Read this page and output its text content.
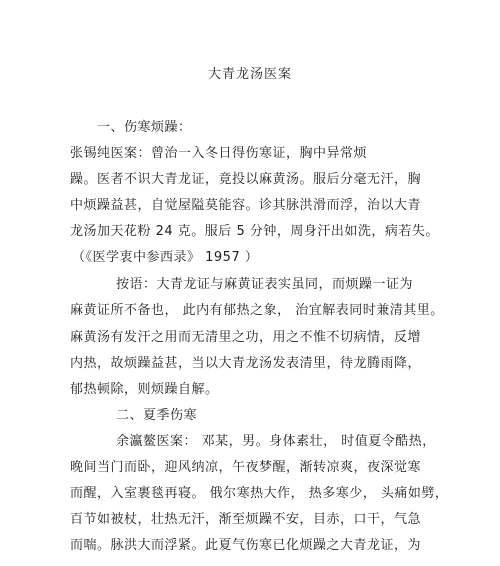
大青龙汤医案
一、伤寒烦躁：
张锡纯医案：曾治一入冬日得伤寒证，胸中异常烦
躁。医者不识大青龙证，竟投以麻黄汤。服后分毫无汗，胸
中烦躁益甚，自觉屋隘莫能容。诊其脉洪滑而浮，治以大青
龙汤加天花粉 24 克。服后 5 分钟，周身汗出如洗，病若失。
（《医学衷中参西录》 1957 ）
按语：大青龙证与麻黄证表实虽同，而烦躁一证为
麻黄证所不备也， 此内有郁热之象， 治宜解表同时兼清其里。
麻黄汤有发汗之用而无清里之功，用之不惟不切病情，反增
内热，故烦躁益甚，当以大青龙汤发表清里，待龙腾雨降，
郁热顿除，则烦躁自解。
二、夏季伤寒
余瀛鳌医案： 邓某，男。身体素壮， 时值夏令酷热，
晚间当门而卧，迎风纳凉，午夜梦醒，渐转凉爽，夜深觉寒
而醒，入室裹毯再寝。 俄尔寒热大作， 热多寒少， 头痛如劈，
百节如被杖，壮热无汗，渐至烦躁不安，目赤，口干，气急
而喘。脉洪大而浮紧。此夏气伤寒已化烦躁之大青龙证，为
